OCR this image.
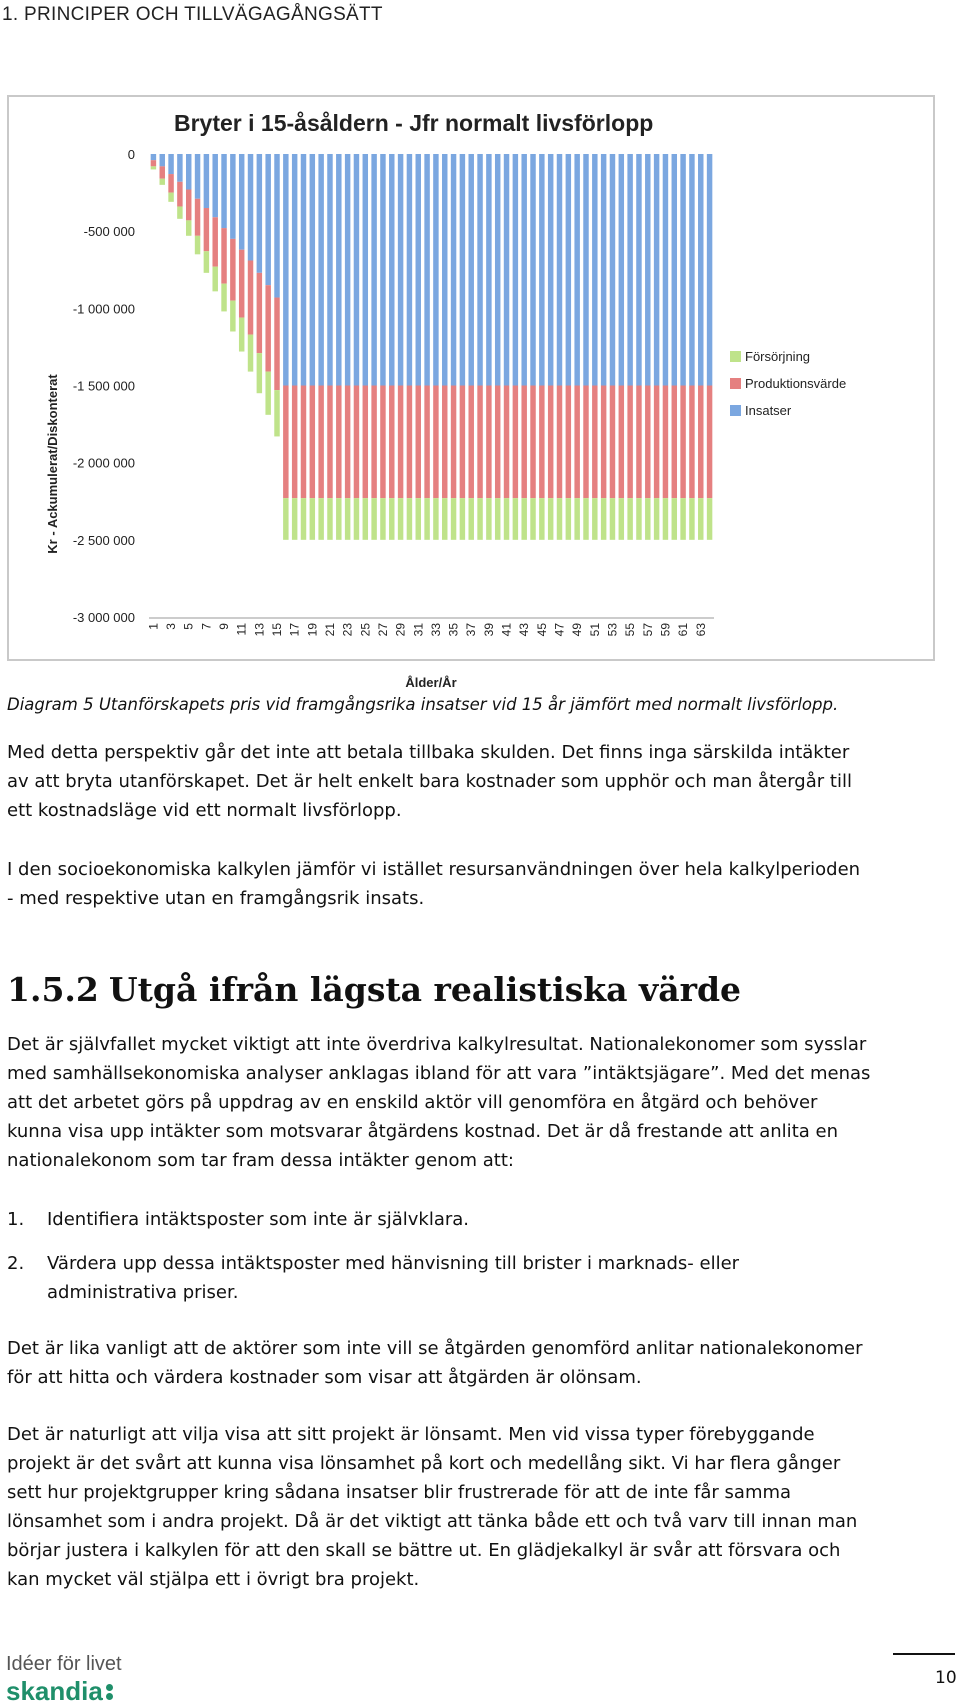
1. PRINCIPER OCH TILLVÄGAGÅNGSÄTT
Bryter i 15-åsåldern - Jfr normalt livsförlopp
0
-500 000
-1 000 000
-1 500 000
-2 000 000
-2 500 000
-3 000 000
Kr - Ackumulerat/Diskonterat
1 3 5 7 9 11 13 15 17 19 21 23 25 27 29 31 33 35 37 39 41 43 45 47 49 51 53 55 57 59 61 63
Ålder/År
Försörjning
Produktionsvärde
Insatser
Diagram 5 Utanförskapets pris vid framgångsrika insatser vid 15 år jämfört med normalt livsförlopp.
Med detta perspektiv går det inte att betala tillbaka skulden. Det finns inga särskilda intäkter
av att bryta utanförskapet. Det är helt enkelt bara kostnader som upphör och man återgår till
ett kostnadsläge vid ett normalt livsförlopp.
I den socioekonomiska kalkylen jämför vi istället resursanvändningen över hela kalkylperioden
- med respektive utan en framgångsrik insats.
1.5.2 Utgå ifrån lägsta realistiska värde
Det är självfallet mycket viktigt att inte överdriva kalkylresultat. Nationalekonomer som sysslar
med samhällsekonomiska analyser anklagas ibland för att vara ”intäktsjägare”. Med det menas
att det arbetet görs på uppdrag av en enskild aktör vill genomföra en åtgärd och behöver
kunna visa upp intäkter som motsvarar åtgärdens kostnad. Det är då frestande att anlita en
nationalekonom som tar fram dessa intäkter genom att:
1. Identifiera intäktsposter som inte är självklara.
2. Värdera upp dessa intäktsposter med hänvisning till brister i marknads- eller
administrativa priser.
Det är lika vanligt att de aktörer som inte vill se åtgärden genomförd anlitar nationalekonomer
för att hitta och värdera kostnader som visar att åtgärden är olönsam.
Det är naturligt att vilja visa att sitt projekt är lönsamt. Men vid vissa typer förebyggande
projekt är det svårt att kunna visa lönsamhet på kort och medellång sikt. Vi har flera gånger
sett hur projektgrupper kring sådana insatser blir frustrerade för att de inte får samma
lönsamhet som i andra projekt. Då är det viktigt att tänka både ett och två varv till innan man
börjar justera i kalkylen för att den skall se bättre ut. En glädjekalkyl är svår att försvara och
kan mycket väl stjälpa ett i övrigt bra projekt.
Idéer för livet
skandia	10
